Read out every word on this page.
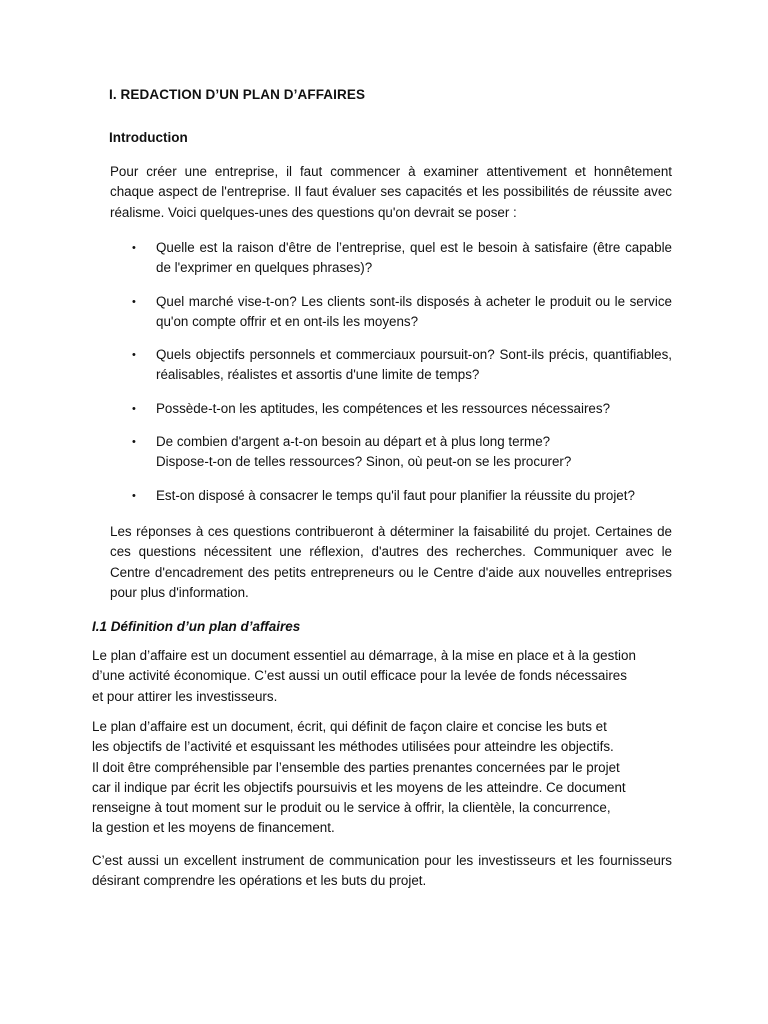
I. REDACTION D’UN PLAN D’AFFAIRES
Introduction
Pour créer une entreprise, il faut commencer à examiner attentivement et honnêtement chaque aspect de l'entreprise. Il faut évaluer ses capacités et les possibilités de réussite avec réalisme. Voici quelques-unes des questions qu'on devrait se poser :
• Quelle est la raison d'être de l’entreprise, quel est le besoin à satisfaire (être capable de l'exprimer en quelques phrases)?
• Quel marché vise-t-on? Les clients sont-ils disposés à acheter le produit ou le service qu'on compte offrir et en ont-ils les moyens?
• Quels objectifs personnels et commerciaux poursuit-on? Sont-ils précis, quantifiables, réalisables, réalistes et assortis d'une limite de temps?
• Possède-t-on les aptitudes, les compétences et les ressources nécessaires?
• De combien d'argent a-t-on besoin au départ et à plus long terme?
Dispose-t-on de telles ressources? Sinon, où peut-on se les procurer?
• Est-on disposé à consacrer le temps qu'il faut pour planifier la réussite du projet?
Les réponses à ces questions contribueront à déterminer la faisabilité du projet. Certaines de ces questions nécessitent une réflexion, d'autres des recherches. Communiquer avec le Centre d'encadrement des petits entrepreneurs ou le Centre d'aide aux nouvelles entreprises pour plus d'information.
I.1 Définition d’un plan d’affaires
Le plan d’affaire est un document essentiel au démarrage, à la mise en place et à la gestion
d’une activité économique. C’est aussi un outil efficace pour la levée de fonds nécessaires
et pour attirer les investisseurs.
Le plan d’affaire est un document, écrit, qui définit de façon claire et concise les buts et
les objectifs de l’activité et esquissant les méthodes utilisées pour atteindre les objectifs.
Il doit être compréhensible par l’ensemble des parties prenantes concernées par le projet
car il indique par écrit les objectifs poursuivis et les moyens de les atteindre. Ce document
renseigne à tout moment sur le produit ou le service à offrir, la clientèle, la concurrence,
la gestion et les moyens de financement.
C’est aussi un excellent instrument de communication pour les investisseurs et les fournisseurs désirant comprendre les opérations et les buts du projet.
